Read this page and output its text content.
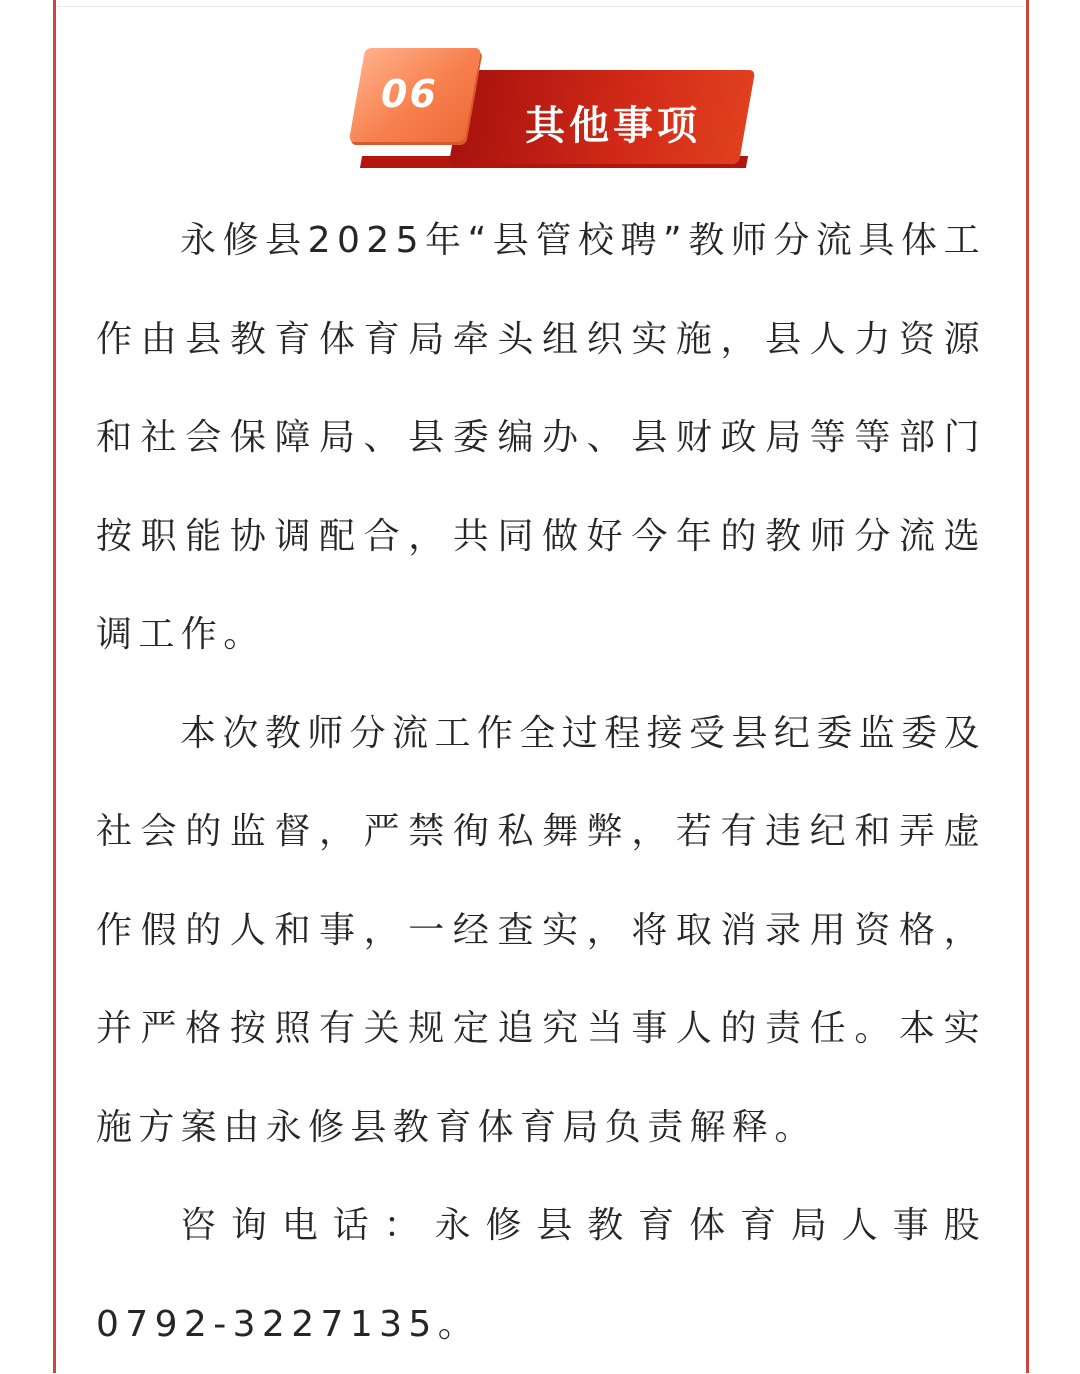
06
其他事项

永修县2025年“县管校聘”教师分流具体工作由县教育体育局牵头组织实施，县人力资源和社会保障局、县委编办、县财政局等等部门按职能协调配合，共同做好今年的教师分流选调工作。

本次教师分流工作全过程接受县纪委监委及社会的监督，严禁徇私舞弊，若有违纪和弄虚作假的人和事，一经查实，将取消录用资格，并严格按照有关规定追究当事人的责任。本实施方案由永修县教育体育局负责解释。

咨询电话：永修县教育体育局人事股0792-3227135。
